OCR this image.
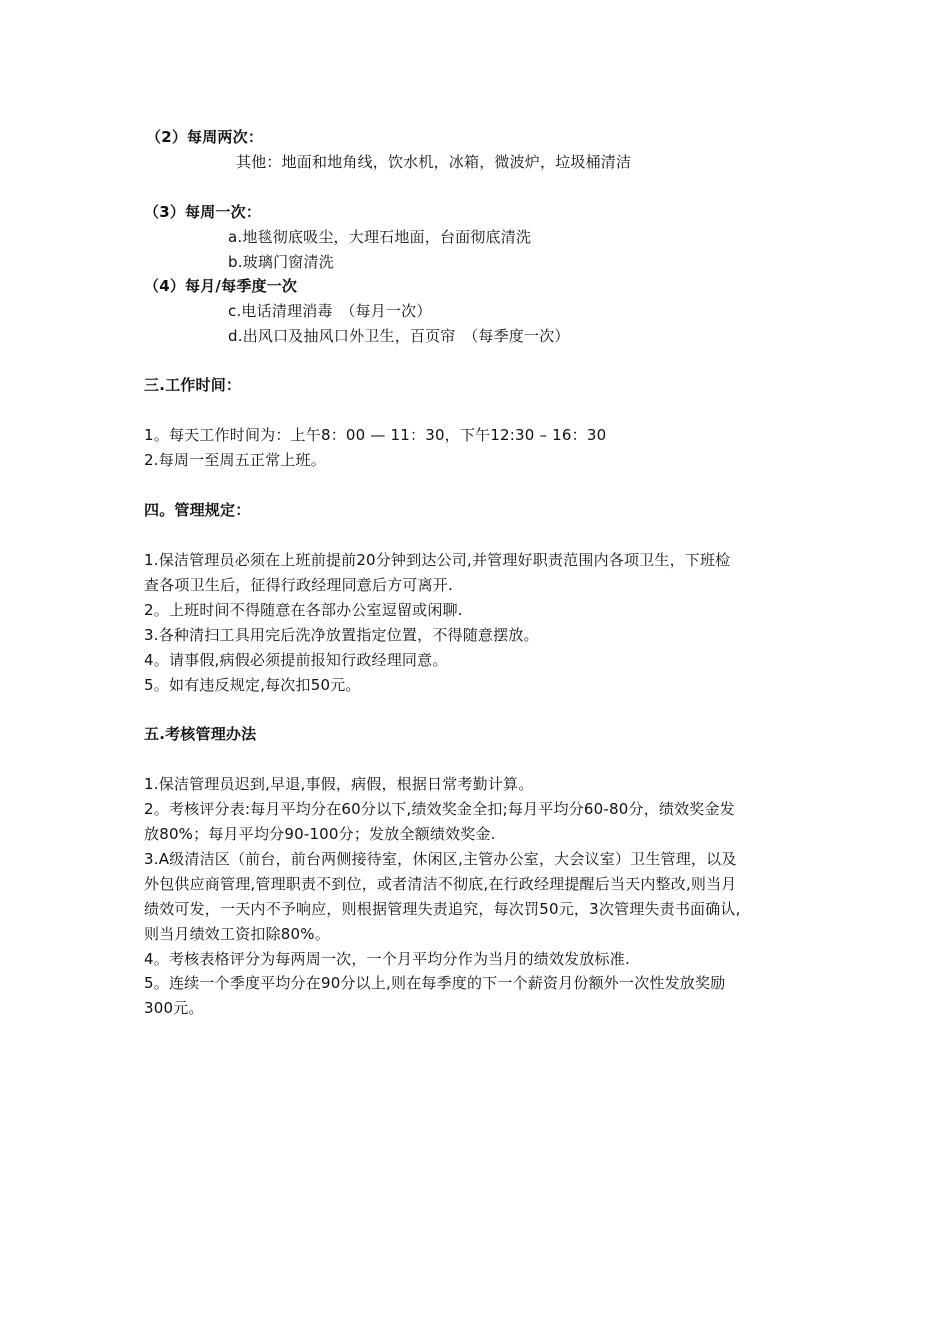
（2）每周两次：
其他：地面和地角线，饮水机，冰箱，微波炉，垃圾桶清洁
（3）每周一次：
a.地毯彻底吸尘，大理石地面，台面彻底清洗
b.玻璃门窗清洗
（4）每月/每季度一次
c.电话清理消毒　（每月一次）
d.出风口及抽风口外卫生，百页帘　（每季度一次）
三.工作时间：
1。每天工作时间为：上午8：00 — 11：30，下午12:30 – 16：30
2.每周一至周五正常上班。
四。管理规定：
1.保洁管理员必须在上班前提前20分钟到达公司,并管理好职责范围内各项卫生，下班检
查各项卫生后，征得行政经理同意后方可离开.
2。上班时间不得随意在各部办公室逗留或闲聊.
3.各种清扫工具用完后洗净放置指定位置，不得随意摆放。
4。请事假,病假必须提前报知行政经理同意。
5。如有违反规定,每次扣50元。
五.考核管理办法
1.保洁管理员迟到,早退,事假，病假，根据日常考勤计算。
2。考核评分表:每月平均分在60分以下,绩效奖金全扣;每月平均分60-80分，绩效奖金发
放80%；每月平均分90-100分；发放全额绩效奖金.
3.A级清洁区（前台，前台两侧接待室，休闲区,主管办公室，大会议室）卫生管理，以及
外包供应商管理,管理职责不到位，或者清洁不彻底,在行政经理提醒后当天内整改,则当月
绩效可发，一天内不予响应，则根据管理失责追究，每次罚50元，3次管理失责书面确认,
则当月绩效工资扣除80%。
4。考核表格评分为每两周一次，一个月平均分作为当月的绩效发放标准.
5。连续一个季度平均分在90分以上,则在每季度的下一个薪资月份额外一次性发放奖励
300元。
